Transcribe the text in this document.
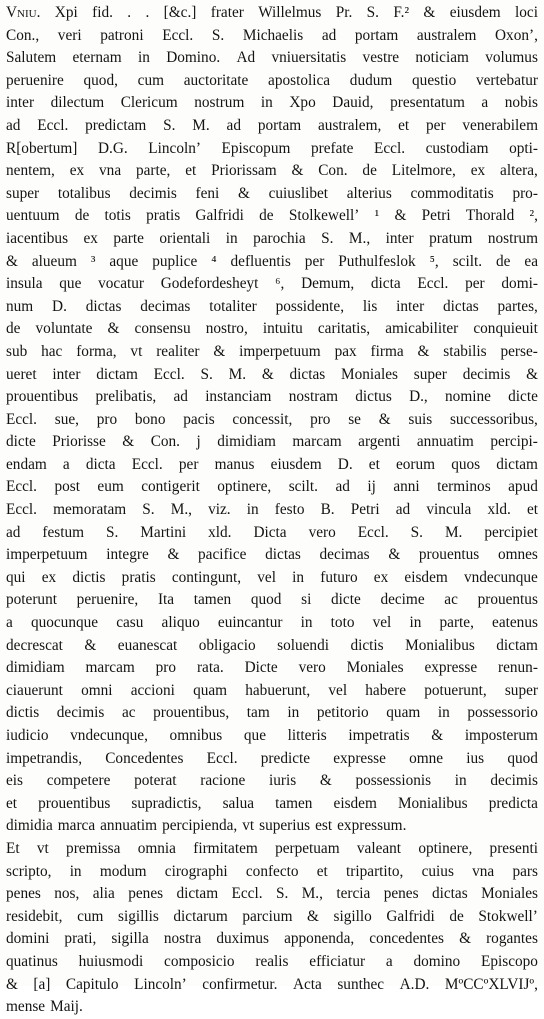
Vniu. Xpi fid. . . [&c.] frater Willelmus Pr. S. F.² & eiusdem loci
Con., veri patroni Eccl. S. Michaelis ad portam australem Oxon’,
Salutem eternam in Domino. Ad vniuersitatis vestre noticiam volumus
peruenire quod, cum auctoritate apostolica dudum questio vertebatur
inter dilectum Clericum nostrum in Xpo Dauid, presentatum a nobis
ad Eccl. predictam S. M. ad portam australem, et per venerabilem
R[obertum] D.G. Lincoln’ Episcopum prefate Eccl. custodiam opti-
nentem, ex vna parte, et Priorissam & Con. de Litelmore, ex altera,
super totalibus decimis feni & cuiuslibet alterius commoditatis pro-
uentuum de totis pratis Galfridi de Stolkewell’ ¹ & Petri Thorald ²,
iacentibus ex parte orientali in parochia S. M., inter pratum nostrum
& alueum ³ aque puplice ⁴ defluentis per Puthulfeslok ⁵, scilt. de ea
insula que vocatur Godefordesheyt ⁶, Demum, dicta Eccl. per domi-
num D. dictas decimas totaliter possidente, lis inter dictas partes,
de voluntate & consensu nostro, intuitu caritatis, amicabiliter conquieuit
sub hac forma, vt realiter & imperpetuum pax firma & stabilis perse-
ueret inter dictam Eccl. S. M. & dictas Moniales super decimis &
prouentibus prelibatis, ad instanciam nostram dictus D., nomine dicte
Eccl. sue, pro bono pacis concessit, pro se & suis successoribus,
dicte Priorisse & Con. j dimidiam marcam argenti annuatim percipi-
endam a dicta Eccl. per manus eiusdem D. et eorum quos dictam
Eccl. post eum contigerit optinere, scilt. ad ij anni terminos apud
Eccl. memoratam S. M., viz. in festo B. Petri ad vincula xld. et
ad festum S. Martini xld. Dicta vero Eccl. S. M. percipiet
imperpetuum integre & pacifice dictas decimas & prouentus omnes
qui ex dictis pratis contingunt, vel in futuro ex eisdem vndecunque
poterunt peruenire, Ita tamen quod si dicte decime ac prouentus
a quocunque casu aliquo euincantur in toto vel in parte, eatenus
decrescat & euanescat obligacio soluendi dictis Monialibus dictam
dimidiam marcam pro rata. Dicte vero Moniales expresse renun-
ciauerunt omni accioni quam habuerunt, vel habere potuerunt, super
dictis decimis ac prouentibus, tam in petitorio quam in possessorio
iudicio vndecunque, omnibus que litteris impetratis & imposterum
impetrandis, Concedentes Eccl. predicte expresse omne ius quod
eis competere poterat racione iuris & possessionis in decimis
et prouentibus supradictis, salua tamen eisdem Monialibus predicta
dimidia marca annuatim percipienda, vt superius est expressum.
Et vt premissa omnia firmitatem perpetuam valeant optinere, presenti
scripto, in modum cirographi confecto et tripartito, cuius vna pars
penes nos, alia penes dictam Eccl. S. M., tercia penes dictas Moniales
residebit, cum sigillis dictarum parcium & sigillo Galfridi de Stokwell’
domini prati, sigilla nostra duximus apponenda, concedentes & rogantes
quatinus huiusmodi composicio realis efficiatur a domino Episcopo
& [a] Capitulo Lincoln’ confirmetur. Acta sunthec A.D. MºCCºXLVIJº,
mense Maij.
